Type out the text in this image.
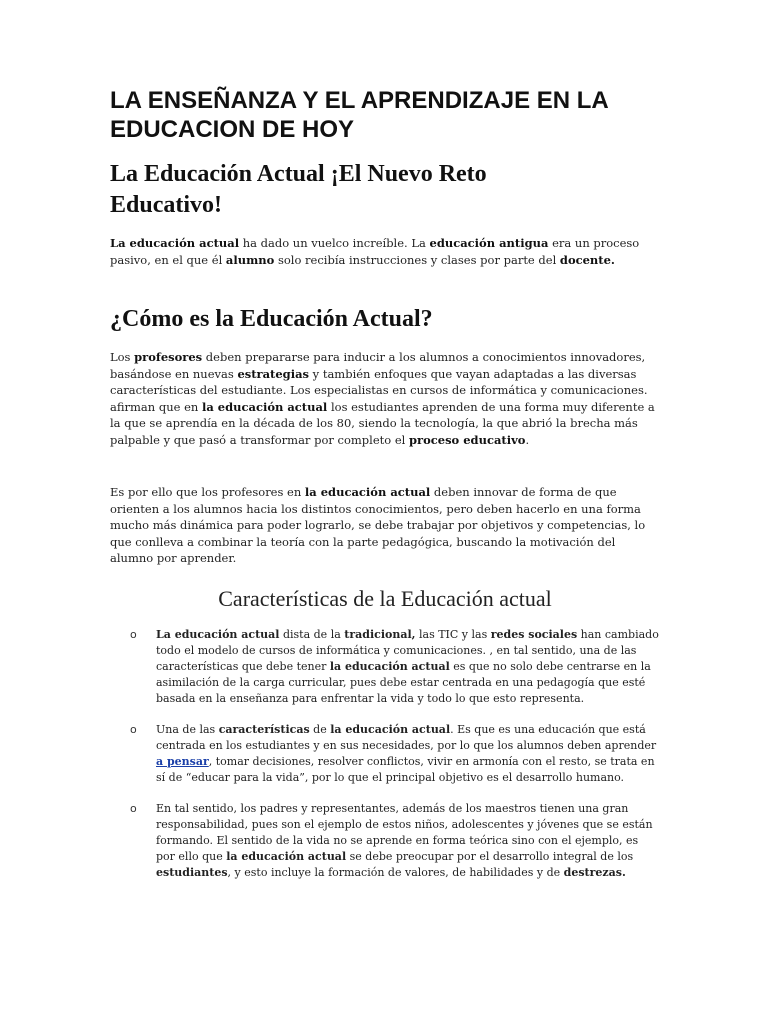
LA ENSEÑANZA Y EL APRENDIZAJE EN LA EDUCACION DE HOY
La Educación Actual ¡El Nuevo Reto Educativo!

La educación actual ha dado un vuelco increíble. La educación antigua era un proceso pasivo, en el que él alumno solo recibía instrucciones y clases por parte del docente.

¿Cómo es la Educación Actual?

Los profesores deben prepararse para inducir a los alumnos a conocimientos innovadores, basándose en nuevas estrategias y también enfoques que vayan adaptadas a las diversas características del estudiante. Los especialistas en cursos de informática y comunicaciones. afirman que en la educación actual los estudiantes aprenden de una forma muy diferente a la que se aprendía en la década de los 80, siendo la tecnología, la que abrió la brecha más palpable y que pasó a transformar por completo el proceso educativo.

Es por ello que los profesores en la educación actual deben innovar de forma de que orienten a los alumnos hacia los distintos conocimientos, pero deben hacerlo en una forma mucho más dinámica para poder lograrlo, se debe trabajar por objetivos y competencias, lo que conlleva a combinar la teoría con la parte pedagógica, buscando la motivación del alumno por aprender.

Características de la Educación actual
o La educación actual dista de la tradicional, las TIC y las redes sociales han cambiado todo el modelo de cursos de informática y comunicaciones. , en tal sentido, una de las características que debe tener la educación actual es que no solo debe centrarse en la asimilación de la carga curricular, pues debe estar centrada en una pedagogía que esté basada en la enseñanza para enfrentar la vida y todo lo que esto representa.
o Una de las características de la educación actual. Es que es una educación que está centrada en los estudiantes y en sus necesidades, por lo que los alumnos deben aprender a pensar, tomar decisiones, resolver conflictos, vivir en armonía con el resto, se trata en sí de “educar para la vida”, por lo que el principal objetivo es el desarrollo humano.
o En tal sentido, los padres y representantes, además de los maestros tienen una gran responsabilidad, pues son el ejemplo de estos niños, adolescentes y jóvenes que se están formando. El sentido de la vida no se aprende en forma teórica sino con el ejemplo, es por ello que la educación actual se debe preocupar por el desarrollo integral de los estudiantes, y esto incluye la formación de valores, de habilidades y de destrezas.
